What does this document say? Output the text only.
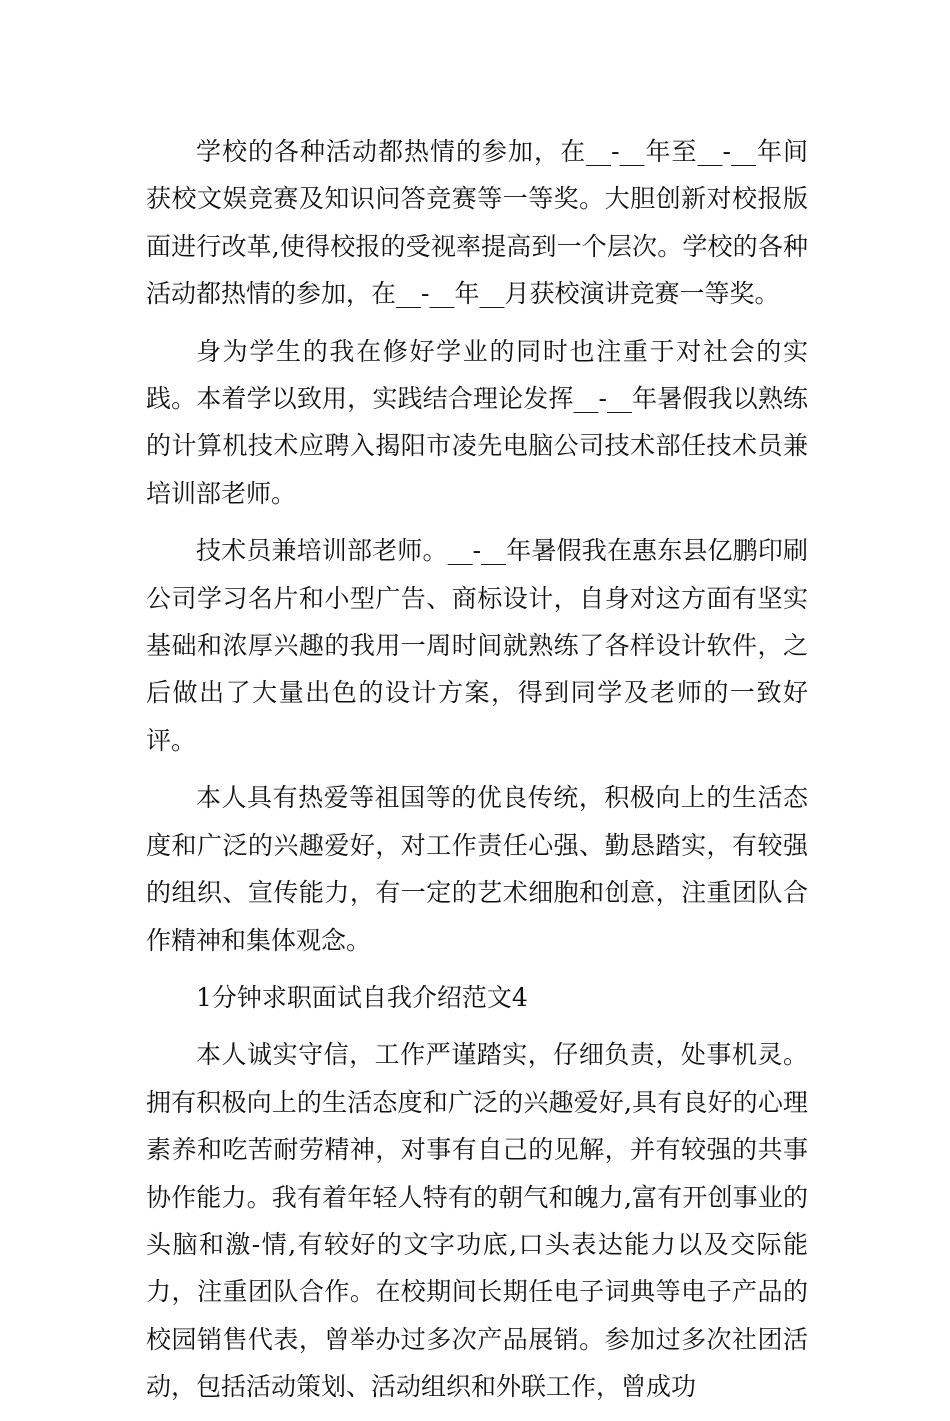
学校的各种活动都热情的参加，在__-__年至__-__年间获校文娱竞赛及知识问答竞赛等一等奖。大胆创新对校报版面进行改革,使得校报的受视率提高到一个层次。学校的各种活动都热情的参加，在__-__年__月获校演讲竞赛一等奖。

身为学生的我在修好学业的同时也注重于对社会的实践。本着学以致用，实践结合理论发挥__-__年暑假我以熟练的计算机技术应聘入揭阳市凌先电脑公司技术部任技术员兼培训部老师。

技术员兼培训部老师。__-__年暑假我在惠东县亿鹏印刷公司学习名片和小型广告、商标设计，自身对这方面有坚实基础和浓厚兴趣的我用一周时间就熟练了各样设计软件，之后做出了大量出色的设计方案，得到同学及老师的一致好评。

本人具有热爱等祖国等的优良传统，积极向上的生活态度和广泛的兴趣爱好，对工作责任心强、勤恳踏实，有较强的组织、宣传能力，有一定的艺术细胞和创意，注重团队合作精神和集体观念。

1分钟求职面试自我介绍范文4

本人诚实守信，工作严谨踏实，仔细负责，处事机灵。拥有积极向上的生活态度和广泛的兴趣爱好,具有良好的心理素养和吃苦耐劳精神，对事有自己的见解，并有较强的共事协作能力。我有着年轻人特有的朝气和魄力,富有开创事业的头脑和激-情,有较好的文字功底,口头表达能力以及交际能力，注重团队合作。在校期间长期任电子词典等电子产品的校园销售代表，曾举办过多次产品展销。参加过多次社团活动，包括活动策划、活动组织和外联工作，曾成功
